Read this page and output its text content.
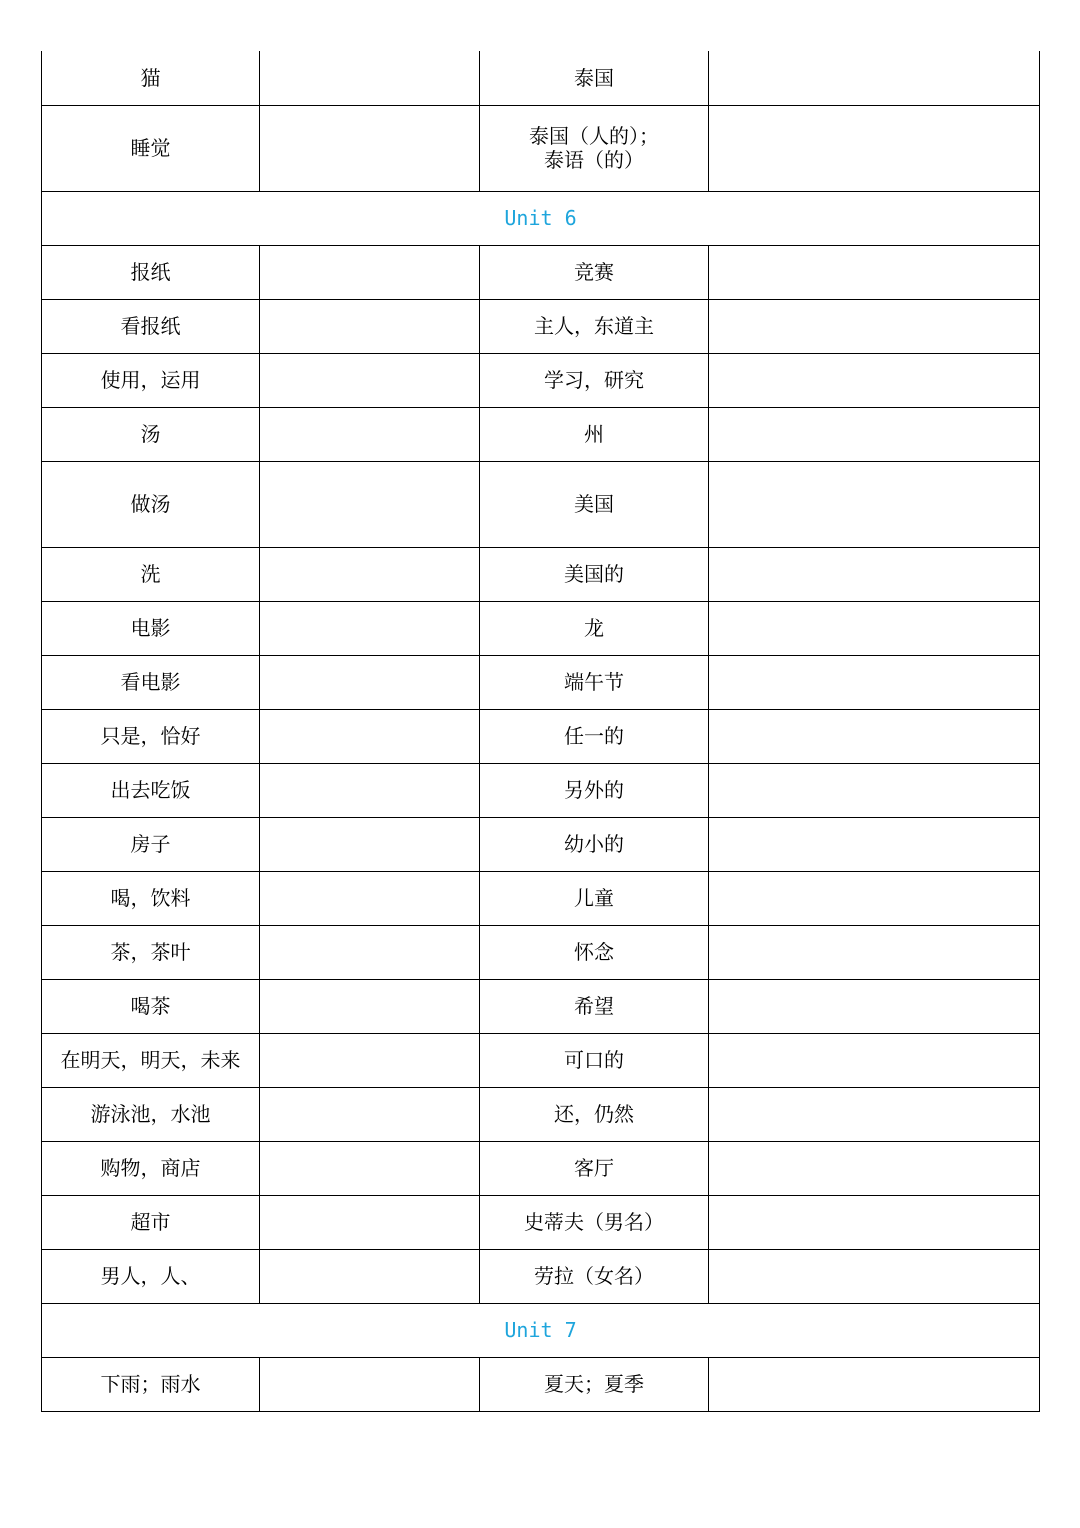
猫		泰国	
睡觉		泰国（人的）；
泰语（的）	

Unit 6			
报纸		竞赛	
看报纸		主人，东道主	
使用，运用		学习，研究	
汤		州	
做汤		美国	
洗		美国的	
电影		龙	
看电影		端午节	
只是，恰好		任一的	
出去吃饭		另外的	
房子		幼小的	
喝，饮料		儿童	
茶，茶叶		怀念	
喝茶		希望	
在明天，明天，未来		可口的	
游泳池，水池		还，仍然	
购物，商店		客厅	
超市		史蒂夫（男名）	
男人，人、		劳拉（女名）	
Unit 7			
下雨；雨水		夏天；夏季	
